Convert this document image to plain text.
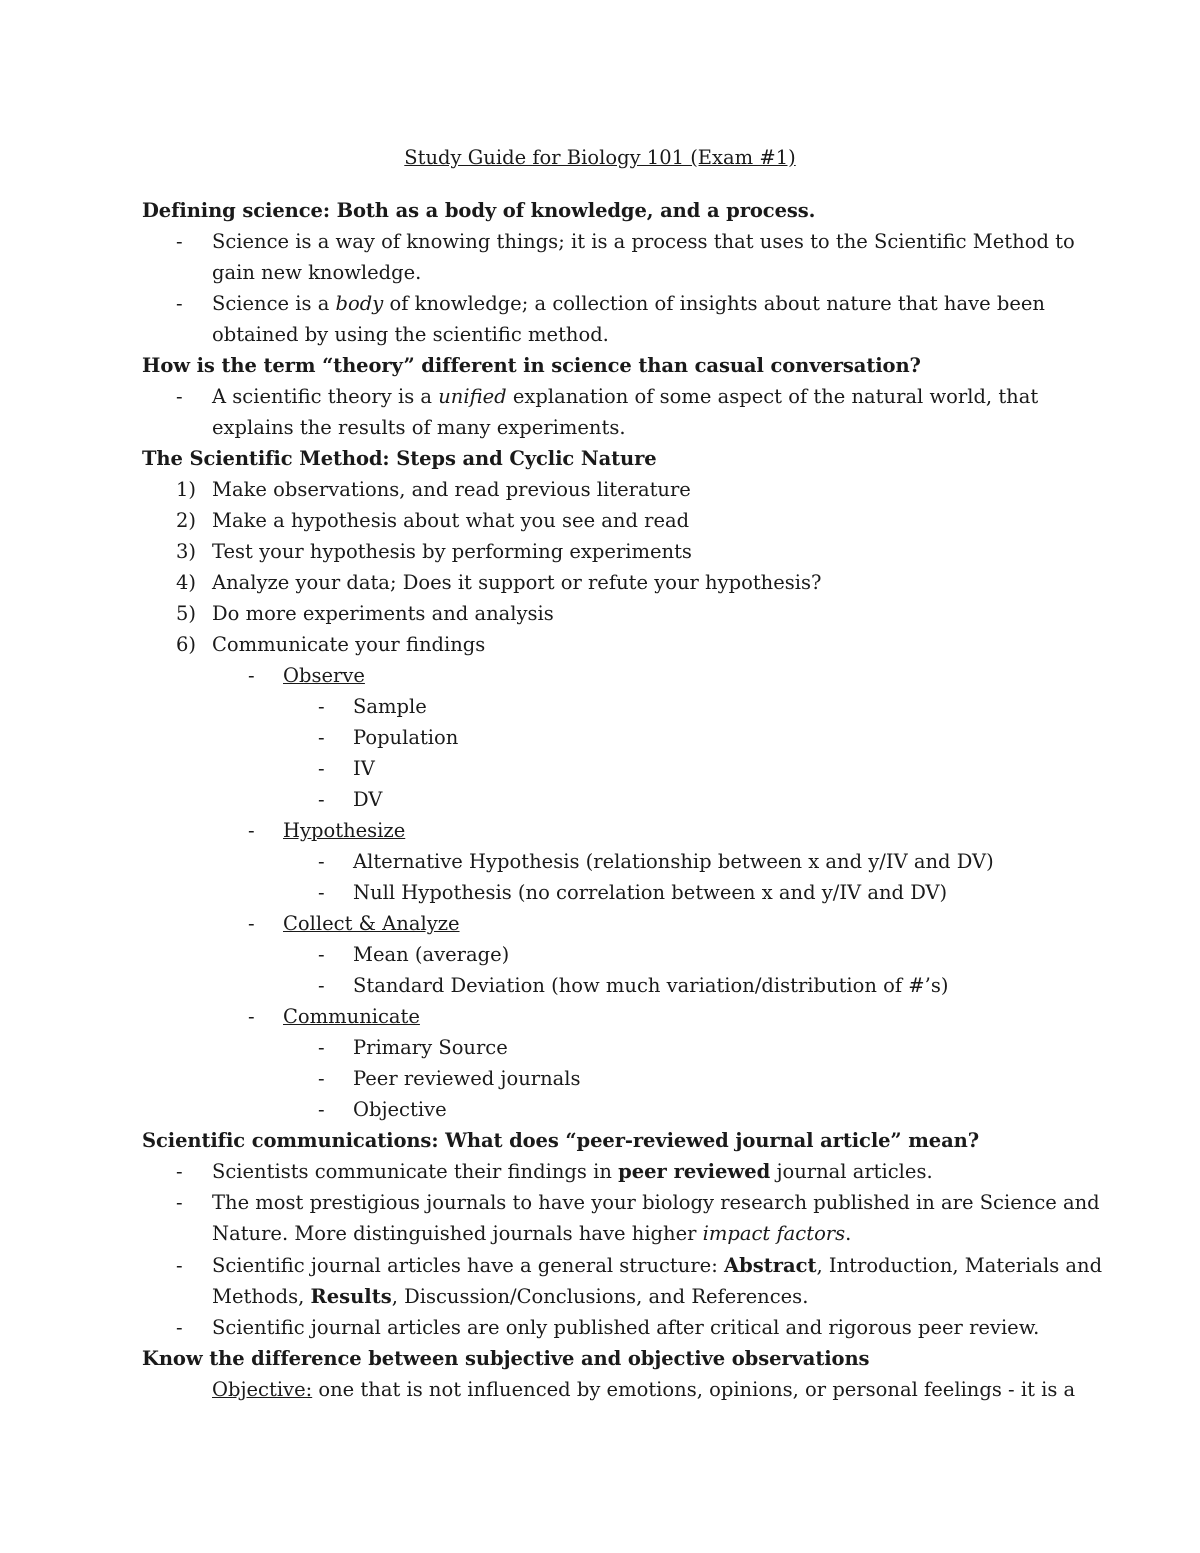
Study Guide for Biology 101 (Exam #1)
Defining science: Both as a body of knowledge, and a process.
- Science is a way of knowing things; it is a process that uses to the Scientific Method to
gain new knowledge.
- Science is a body of knowledge; a collection of insights about nature that have been
obtained by using the scientific method.
How is the term “theory” different in science than casual conversation?
- A scientific theory is a unified explanation of some aspect of the natural world, that
explains the results of many experiments.
The Scientific Method: Steps and Cyclic Nature
1) Make observations, and read previous literature
2) Make a hypothesis about what you see and read
3) Test your hypothesis by performing experiments
4) Analyze your data; Does it support or refute your hypothesis?
5) Do more experiments and analysis
6) Communicate your findings
- Observe
- Sample
- Population
- IV
- DV
- Hypothesize
- Alternative Hypothesis (relationship between x and y/IV and DV)
- Null Hypothesis (no correlation between x and y/IV and DV)
- Collect & Analyze
- Mean (average)
- Standard Deviation (how much variation/distribution of #’s)
- Communicate
- Primary Source
- Peer reviewed journals
- Objective
Scientific communications: What does “peer-reviewed journal article” mean?
- Scientists communicate their findings in peer reviewed journal articles.
- The most prestigious journals to have your biology research published in are Science and
Nature. More distinguished journals have higher impact factors.
- Scientific journal articles have a general structure: Abstract, Introduction, Materials and
Methods, Results, Discussion/Conclusions, and References.
- Scientific journal articles are only published after critical and rigorous peer review.
Know the difference between subjective and objective observations
Objective: one that is not influenced by emotions, opinions, or personal feelings - it is a
